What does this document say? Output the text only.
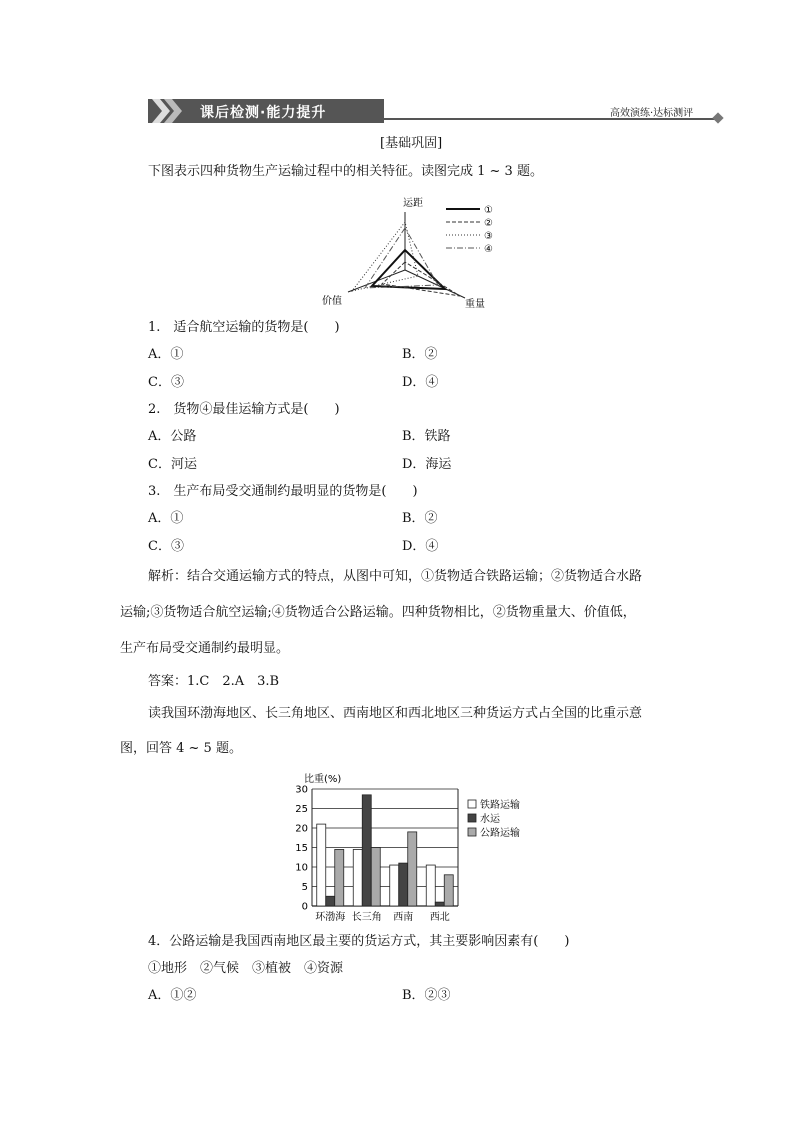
课后检测·能力提升	高效演练·达标测评
[基础巩固]
下图表示四种货物生产运输过程中的相关特征。读图完成 1 ~ 3 题。
运距
价值	重量
①
②
③
④
1.　适合航空运输的货物是(　　)
A．①	B．②
C．③	D．④
2.　货物④最佳运输方式是(　　)
A．公路	B．铁路
C．河运	D．海运
3.　生产布局受交通制约最明显的货物是(　　)
A．①	B．②
C．③	D．④
解析：结合交通运输方式的特点，从图中可知，①货物适合铁路运输；②货物适合水路
运输;③货物适合航空运输;④货物适合公路运输。四种货物相比，②货物重量大、价值低，
生产布局受交通制约最明显。
答案：1.C　2.A　3.B
读我国环渤海地区、长三角地区、西南地区和西北地区三种货运方式占全国的比重示意
图，回答 4 ~ 5 题。
比重(%)
0
5
10
15
20
25
30
环渤海 长三角 西南 西北
铁路运输
水运
公路运输
4．公路运输是我国西南地区最主要的货运方式，其主要影响因素有(　　)
①地形　②气候　③植被　④资源
A．①②	B．②③
